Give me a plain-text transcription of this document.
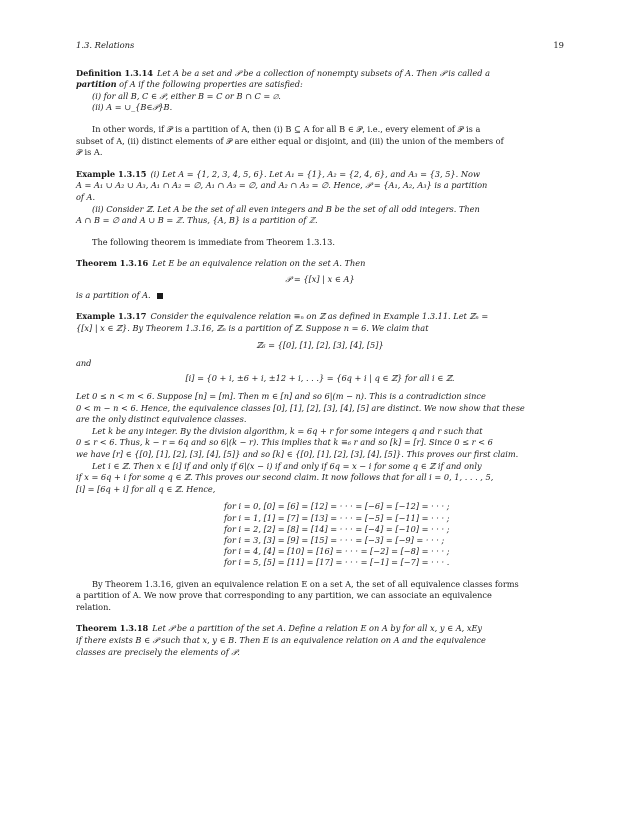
1.3. Relations	19
Definition 1.3.14 Let A be a set and 𝒫 be a collection of nonempty subsets of A. Then 𝒫 is called a
partition of A if the following properties are satisfied:
(i) for all B, C ∈ 𝒫, either B = C or B ∩ C = ∅.
(ii) A = ∪_{B∈𝒫}B.
In other words, if 𝒫 is a partition of A, then (i) B ⊆ A for all B ∈ 𝒫, i.e., every element of 𝒫 is a
subset of A, (ii) distinct elements of 𝒫 are either equal or disjoint, and (iii) the union of the members of
𝒫 is A.
Example 1.3.15 (i) Let A = {1, 2, 3, 4, 5, 6}. Let A₁ = {1}, A₂ = {2, 4, 6}, and A₃ = {3, 5}. Now
A = A₁ ∪ A₂ ∪ A₃, A₁ ∩ A₂ = ∅, A₁ ∩ A₃ = ∅, and A₂ ∩ A₃ = ∅. Hence, 𝒫 = {A₁, A₂, A₃} is a partition
of A.
(ii) Consider ℤ. Let A be the set of all even integers and B be the set of all odd integers. Then
A ∩ B = ∅ and A ∪ B = ℤ. Thus, {A, B} is a partition of ℤ.
The following theorem is immediate from Theorem 1.3.13.
Theorem 1.3.16 Let E be an equivalence relation on the set A. Then
𝒫 = {[x] | x ∈ A}
is a partition of A.
Example 1.3.17 Consider the equivalence relation ≡ₙ on ℤ as defined in Example 1.3.11. Let ℤₙ =
{[x] | x ∈ ℤ}. By Theorem 1.3.16, ℤₙ is a partition of ℤ. Suppose n = 6. We claim that
ℤ₆ = {[0], [1], [2], [3], [4], [5]}
and
[i] = {0 + i, ±6 + i, ±12 + i, . . .} = {6q + i | q ∈ ℤ} for all i ∈ ℤ.
Let 0 ≤ n < m < 6. Suppose [n] = [m]. Then m ∈ [n] and so 6|(m − n). This is a contradiction since
0 < m − n < 6. Hence, the equivalence classes [0], [1], [2], [3], [4], [5] are distinct. We now show that these
are the only distinct equivalence classes.
Let k be any integer. By the division algorithm, k = 6q + r for some integers q and r such that
0 ≤ r < 6. Thus, k − r = 6q and so 6|(k − r). This implies that k ≡₆ r and so [k] = [r]. Since 0 ≤ r < 6
we have [r] ∈ {[0], [1], [2], [3], [4], [5]} and so [k] ∈ {[0], [1], [2], [3], [4], [5]}. This proves our first claim.
Let i ∈ ℤ. Then x ∈ [i] if and only if 6|(x − i) if and only if 6q = x − i for some q ∈ ℤ if and only
if x = 6q + i for some q ∈ ℤ. This proves our second claim. It now follows that for all i = 0, 1, . . . , 5,
[i] = [6q + i] for all q ∈ ℤ. Hence,
for i = 0, [0] = [6] = [12] = · · · = [−6] = [−12] = · · · ;
for i = 1, [1] = [7] = [13] = · · · = [−5] = [−11] = · · · ;
for i = 2, [2] = [8] = [14] = · · · = [−4] = [−10] = · · · ;
for i = 3, [3] = [9] = [15] = · · · = [−3] = [−9] = · · · ;
for i = 4, [4] = [10] = [16] = · · · = [−2] = [−8] = · · · ;
for i = 5, [5] = [11] = [17] = · · · = [−1] = [−7] = · · · .
By Theorem 1.3.16, given an equivalence relation E on a set A, the set of all equivalence classes forms
a partition of A. We now prove that corresponding to any partition, we can associate an equivalence
relation.
Theorem 1.3.18 Let 𝒫 be a partition of the set A. Define a relation E on A by for all x, y ∈ A, xEy
if there exists B ∈ 𝒫 such that x, y ∈ B. Then E is an equivalence relation on A and the equivalence
classes are precisely the elements of 𝒫.
